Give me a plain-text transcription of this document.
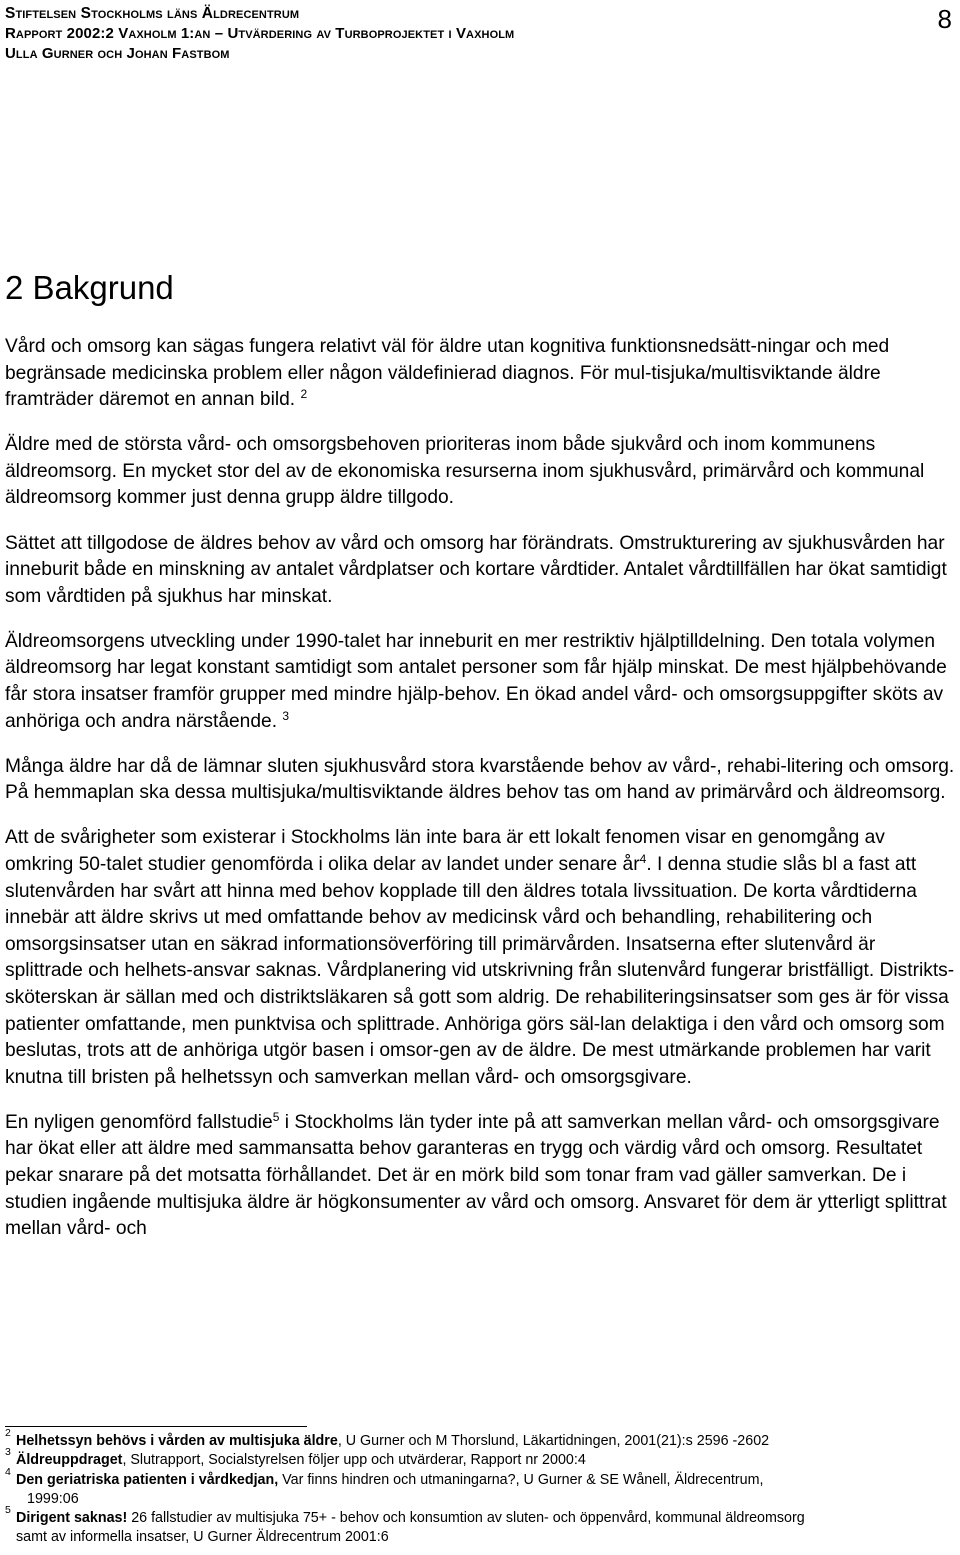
Stiftelsen Stockholms läns Äldrecentrum
Rapport 2002:2 Vaxholm 1:an – Utvärdering av Turboprojektet i Vaxholm
Ulla Gurner och Johan Fastbom
8
2 Bakgrund

Vård och omsorg kan sägas fungera relativt väl för äldre utan kognitiva funktionsnedsätt-ningar och med begränsade medicinska problem eller någon väldefinierad diagnos. För mul-tisjuka/multisviktande äldre framträder däremot en annan bild. $^2$

Äldre med de största vård- och omsorgsbehoven prioriteras inom både sjukvård och inom kommunens äldreomsorg. En mycket stor del av de ekonomiska resurserna inom sjukhusvård, primärvård och kommunal äldreomsorg kommer just denna grupp äldre tillgodo.

Sättet att tillgodose de äldres behov av vård och omsorg har förändrats. Omstrukturering av sjukhusvården har inneburit både en minskning av antalet vårdplatser och kortare vårdtider. Antalet vårdtillfällen har ökat samtidigt som vårdtiden på sjukhus har minskat.

Äldreomsorgens utveckling under 1990-talet har inneburit en mer restriktiv hjälptilldelning. Den totala volymen äldreomsorg har legat konstant samtidigt som antalet personer som får hjälp minskat. De mest hjälpbehövande får stora insatser framför grupper med mindre hjälp-behov. En ökad andel vård- och omsorgsuppgifter sköts av anhöriga och andra närstående. $^3$

Många äldre har då de lämnar sluten sjukhusvård stora kvarstående behov av vård-, rehabi-litering och omsorg. På hemmaplan ska dessa multisjuka/multisviktande äldres behov tas om hand av primärvård och äldreomsorg.

Att de svårigheter som existerar i Stockholms län inte bara är ett lokalt fenomen visar en genomgång av omkring 50-talet studier genomförda i olika delar av landet under senare $år^4$. I denna studie slås bl a fast att slutenvården har svårt att hinna med behov kopplade till den äldres totala livssituation. De korta vårdtiderna innebär att äldre skrivs ut med omfattande behov av medicinsk vård och behandling, rehabilitering och omsorgsinsatser utan en säkrad informationsöverföring till primärvården. Insatserna efter slutenvård är splittrade och helhets-ansvar saknas. Vårdplanering vid utskrivning från slutenvård fungerar bristfälligt. Distrikts-sköterskan är sällan med och distriktsläkaren så gott som aldrig. De rehabiliteringsinsatser som ges är för vissa patienter omfattande, men punktvisa och splittrade. Anhöriga görs säl-lan delaktiga i den vård och omsorg som beslutas, trots att de anhöriga utgör basen i omsor-gen av de äldre. De mest utmärkande problemen har varit knutna till bristen på helhetssyn och samverkan mellan vård- och omsorgsgivare.

En nyligen genomförd fallstudie$^5$ i Stockholms län tyder inte på att samverkan mellan vård- och omsorgsgivare har ökat eller att äldre med sammansatta behov garanteras en trygg och värdig vård och omsorg. Resultatet pekar snarare på det motsatta förhållandet. Det är en mörk bild som tonar fram vad gäller samverkan. De i studien ingående multisjuka äldre är högkonsumenter av vård och omsorg. Ansvaret för dem är ytterligt splittrat mellan vård- och

2 Helhetssyn behövs i vården av multisjuka äldre, U Gurner och M Thorslund, Läkartidningen, 2001(21):s 2596 -2602
3 Äldreuppdraget, Slutrapport, Socialstyrelsen följer upp och utvärderar, Rapport nr 2000:4
4 Den geriatriska patienten i vårdkedjan, Var finns hindren och utmaningarna?, U Gurner & SE Wånell, Äldrecentrum,
1999:06
5 Dirigent saknas! 26 fallstudier av multisjuka 75+ - behov och konsumtion av sluten- och öppenvård, kommunal äldreomsorg
samt av informella insatser, U Gurner Äldrecentrum 2001:6
